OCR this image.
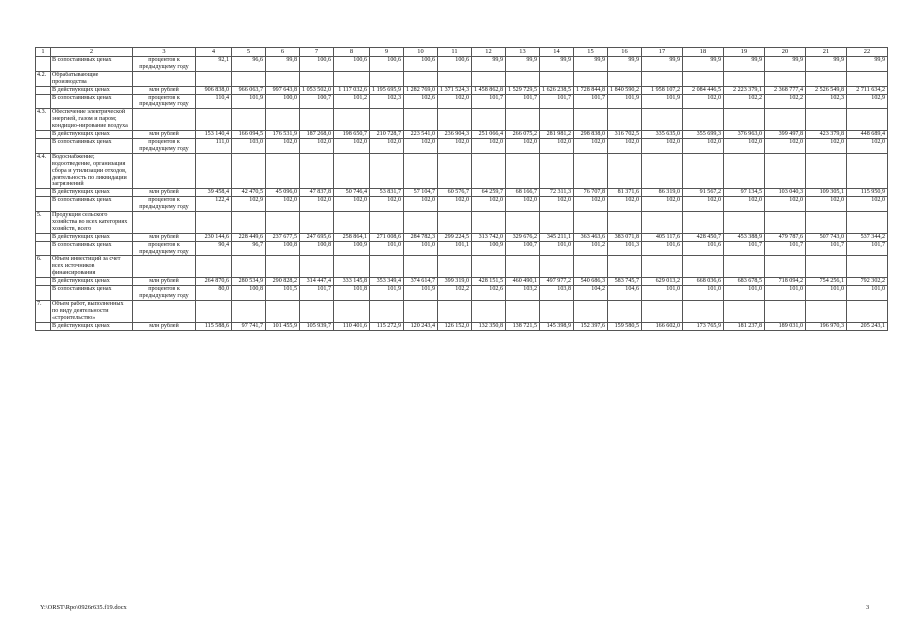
1	2	3	4	5	6	7	8	9	10	11	12	13	14	15	16	17	18	19	20	21	22
	В сопоставимых ценах	процентов к предыдущему году	92,1	96,6	99,8	100,6	100,6	100,6	100,6	100,6	99,9	99,9	99,9	99,9	99,9	99,9	99,9	99,9	99,9	99,9	99,9
4.2.	Обрабатывающие производства																				
	В действующих ценах	млн рублей	906 838,0	966 063,7	997 643,8	1 053 502,0	1 117 032,6	1 195 695,9	1 282 769,0	1 371 524,3	1 458 862,8	1 529 729,5	1 626 238,5	1 728 844,8	1 840 590,2	1 958 107,2	2 084 446,5	2 223 379,1	2 368 777,4	2 526 549,8	2 711 634,2
	В сопоставимых ценах	процентов к предыдущему году	110,4	101,9	100,0	100,7	101,2	102,3	102,6	102,0	101,7	101,7	101,7	101,7	101,9	101,9	102,0	102,2	102,2	102,3	102,9
4.3.	Обеспечение электрической энергией, газом и паром; кондицио-нирование воздуха																				
	В действующих ценах	млн рублей	153 140,4	166 094,5	176 531,9	187 268,0	198 650,7	210 728,7	223 541,0	236 904,3	251 066,4	266 075,2	281 981,2	298 838,0	316 702,5	335 635,0	355 699,3	376 963,0	399 497,8	423 379,8	448 689,4
	В сопоставимых ценах	процентов к предыдущему году	111,0	103,0	102,0	102,0	102,0	102,0	102,0	102,0	102,0	102,0	102,0	102,0	102,0	102,0	102,0	102,0	102,0	102,0	102,0
4.4.	Водоснабжение; водоотведение, организация сбора и утилизации отходов, деятельность по ликвидации загрязнений																				
	В действующих ценах	млн рублей	39 458,4	42 470,5	45 096,0	47 837,8	50 746,4	53 831,7	57 104,7	60 576,7	64 259,7	68 166,7	72 311,3	76 707,8	81 371,6	86 319,0	91 567,2	97 134,5	103 040,3	109 305,1	115 950,9
	В сопоставимых ценах	процентов к предыдущему году	122,4	102,9	102,0	102,0	102,0	102,0	102,0	102,0	102,0	102,0	102,0	102,0	102,0	102,0	102,0	102,0	102,0	102,0	102,0
5.	Продукция сельского хозяйства во всех категориях хозяйств, всего																				
	В действующих ценах	млн рублей	230 144,6	228 449,6	237 677,5	247 695,6	258 864,1	271 008,6	284 782,3	299 224,5	313 742,0	329 676,2	345 211,1	363 463,6	383 071,8	405 117,6	428 450,7	453 388,9	479 787,6	507 743,0	537 344,2
	В сопоставимых ценах	процентов к предыдущему году	90,4	96,7	100,8	100,8	100,9	101,0	101,0	101,1	100,9	100,7	101,0	101,2	101,3	101,6	101,6	101,7	101,7	101,7	101,7
6.	Объем инвестиций за счет всех источников финансирования																				
	В действующих ценах	млн рублей	264 870,6	280 534,9	290 828,2	314 447,4	333 145,8	353 349,4	374 614,7	399 319,0	428 151,5	460 490,1	497 977,2	540 686,3	583 745,7	629 013,2	668 036,6	683 678,5	718 094,2	754 256,1	792 302,2
	В сопоставимых ценах	процентов к предыдущему году	80,0	100,8	101,5	101,7	101,8	101,9	101,9	102,2	102,6	103,2	103,8	104,2	104,6	101,0	101,0	101,0	101,0	101,0	101,0
7.	Объем работ, выполненных по виду деятельности «строительство»																				
	В действующих ценах	млн рублей	115 588,6	97 741,7	101 455,9	105 939,7	110 401,6	115 272,9	120 243,4	126 152,0	132 350,8	138 721,5	145 398,9	152 397,6	159 580,5	166 602,0	173 765,9	181 237,8	189 031,0	196 970,3	205 243,1
Y:\ORST\Rpo\0926r635.f19.docx	3
